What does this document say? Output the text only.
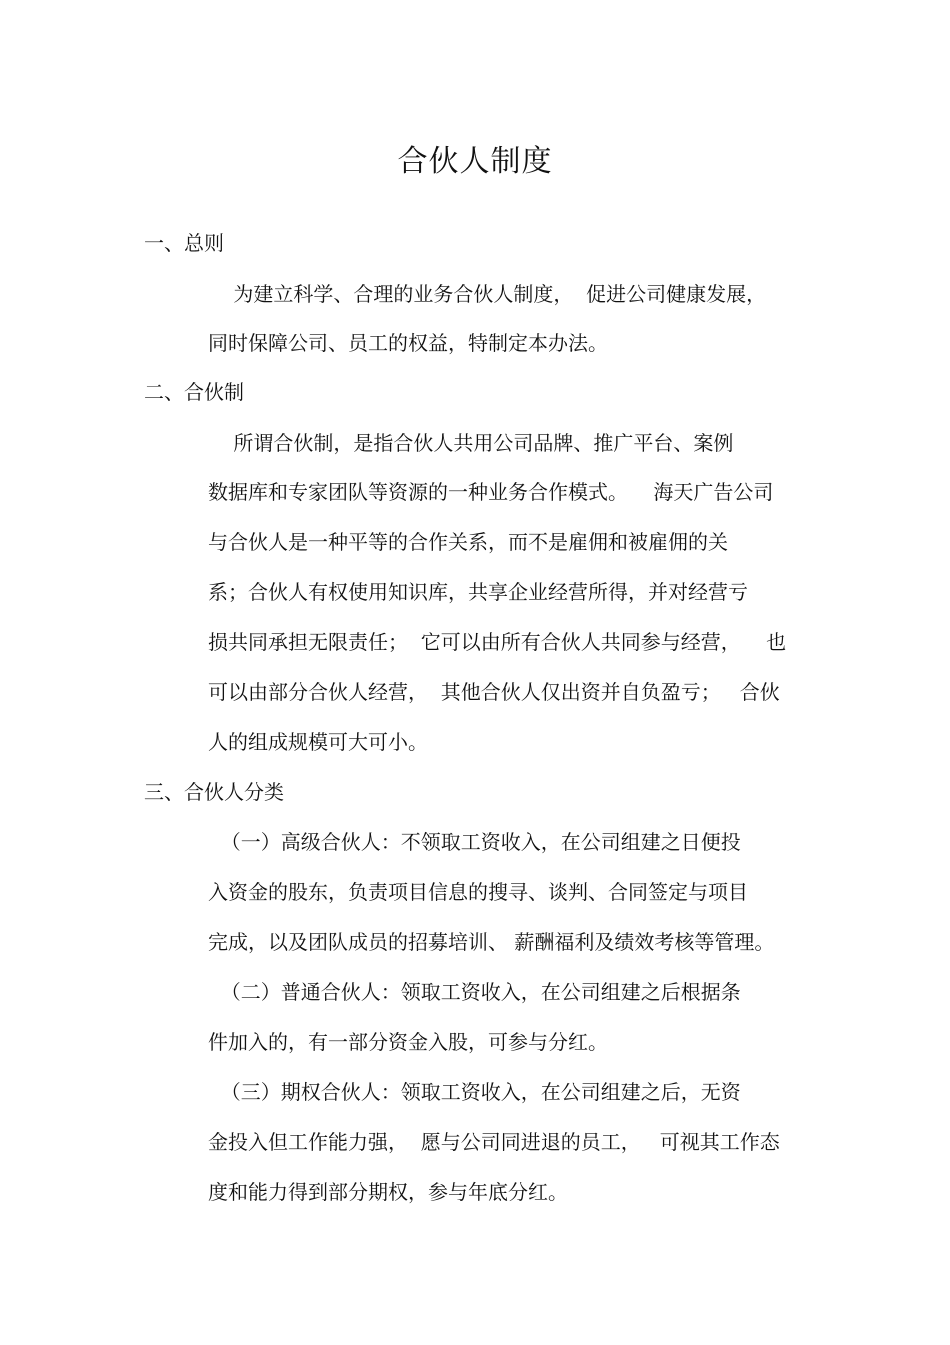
合伙人制度
一、总则
为建立科学、合理的业务合伙人制度，  促进公司健康发展，
同时保障公司、员工的权益，特制定本办法。
二、合伙制
所谓合伙制，是指合伙人共用公司品牌、推广平台、案例
数据库和专家团队等资源的一种业务合作模式。    海天广告公司
与合伙人是一种平等的合作关系，而不是雇佣和被雇佣的关
系；合伙人有权使用知识库，共享企业经营所得，并对经营亏
损共同承担无限责任；  它可以由所有合伙人共同参与经营，    也
可以由部分合伙人经营，  其他合伙人仅出资并自负盈亏；   合伙
人的组成规模可大可小。
三、合伙人分类
（一）高级合伙人：不领取工资收入，在公司组建之日便投
入资金的股东，负责项目信息的搜寻、谈判、合同签定与项目
完成，以及团队成员的招募培训、 薪酬福利及绩效考核等管理。
（二）普通合伙人：领取工资收入，在公司组建之后根据条
件加入的，有一部分资金入股，可参与分红。
（三）期权合伙人：领取工资收入，在公司组建之后，无资
金投入但工作能力强，  愿与公司同进退的员工，   可视其工作态
度和能力得到部分期权，参与年底分红。
